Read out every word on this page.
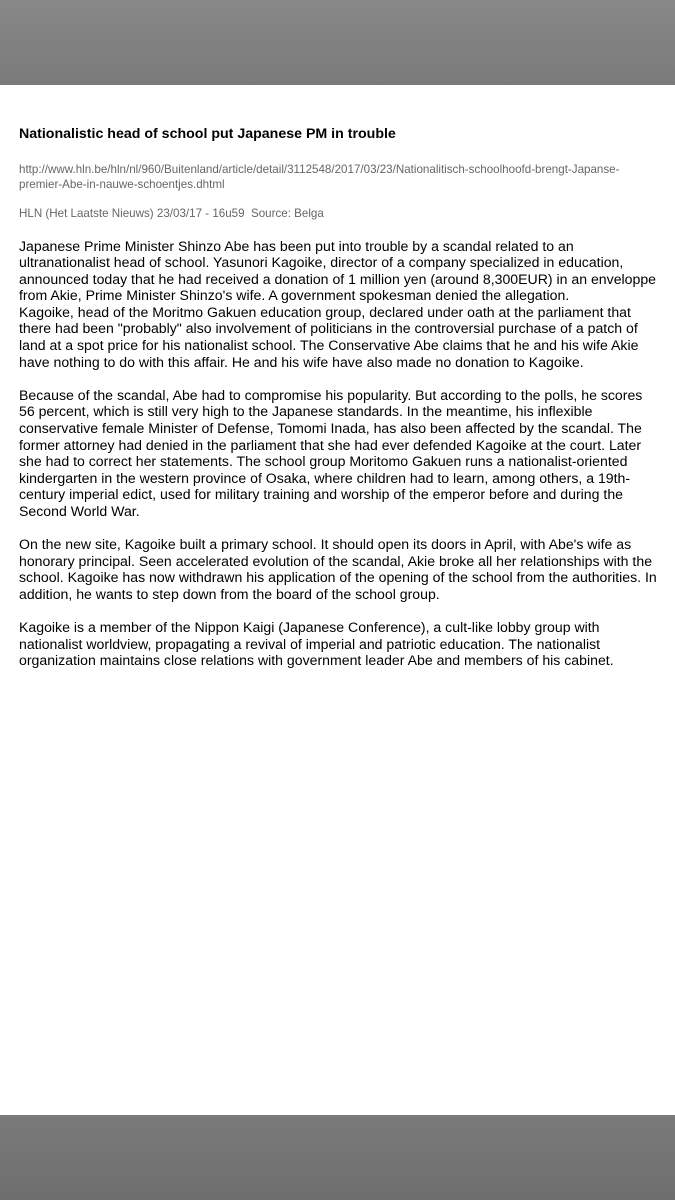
Nationalistic head of school put Japanese PM in trouble
http://www.hln.be/hln/nl/960/Buitenland/article/detail/3112548/2017/03/23/Nationalitisch-schoolhoofd-brengt-Japanse-premier-Abe-in-nauwe-schoentjes.dhtml
HLN (Het Laatste Nieuws) 23/03/17 - 16u59  Source: Belga
Japanese Prime Minister Shinzo Abe has been put into trouble by a scandal related to an ultranationalist head of school. Yasunori Kagoike, director of a company specialized in education, announced today that he had received a donation of 1 million yen (around 8,300EUR) in an enveloppe from Akie, Prime Minister Shinzo's wife. A government spokesman denied the allegation.
Kagoike, head of the Moritmo Gakuen education group, declared under oath at the parliament that there had been "probably" also involvement of politicians in the controversial purchase of a patch of land at a spot price for his nationalist school. The Conservative Abe claims that he and his wife Akie have nothing to do with this affair. He and his wife have also made no donation to Kagoike.
Because of the scandal, Abe had to compromise his popularity. But according to the polls, he scores 56 percent, which is still very high to the Japanese standards. In the meantime, his inflexible conservative female Minister of Defense, Tomomi Inada, has also been affected by the scandal. The former attorney had denied in the parliament that she had ever defended Kagoike at the court. Later she had to correct her statements. The school group Moritomo Gakuen runs a nationalist-oriented kindergarten in the western province of Osaka, where children had to learn, among others, a 19th-century imperial edict, used for military training and worship of the emperor before and during the Second World War.
On the new site, Kagoike built a primary school. It should open its doors in April, with Abe's wife as honorary principal. Seen accelerated evolution of the scandal, Akie broke all her relationships with the school. Kagoike has now withdrawn his application of the opening of the school from the authorities. In addition, he wants to step down from the board of the school group.
Kagoike is a member of the Nippon Kaigi (Japanese Conference), a cult-like lobby group with nationalist worldview, propagating a revival of imperial and patriotic education. The nationalist organization maintains close relations with government leader Abe and members of his cabinet.
